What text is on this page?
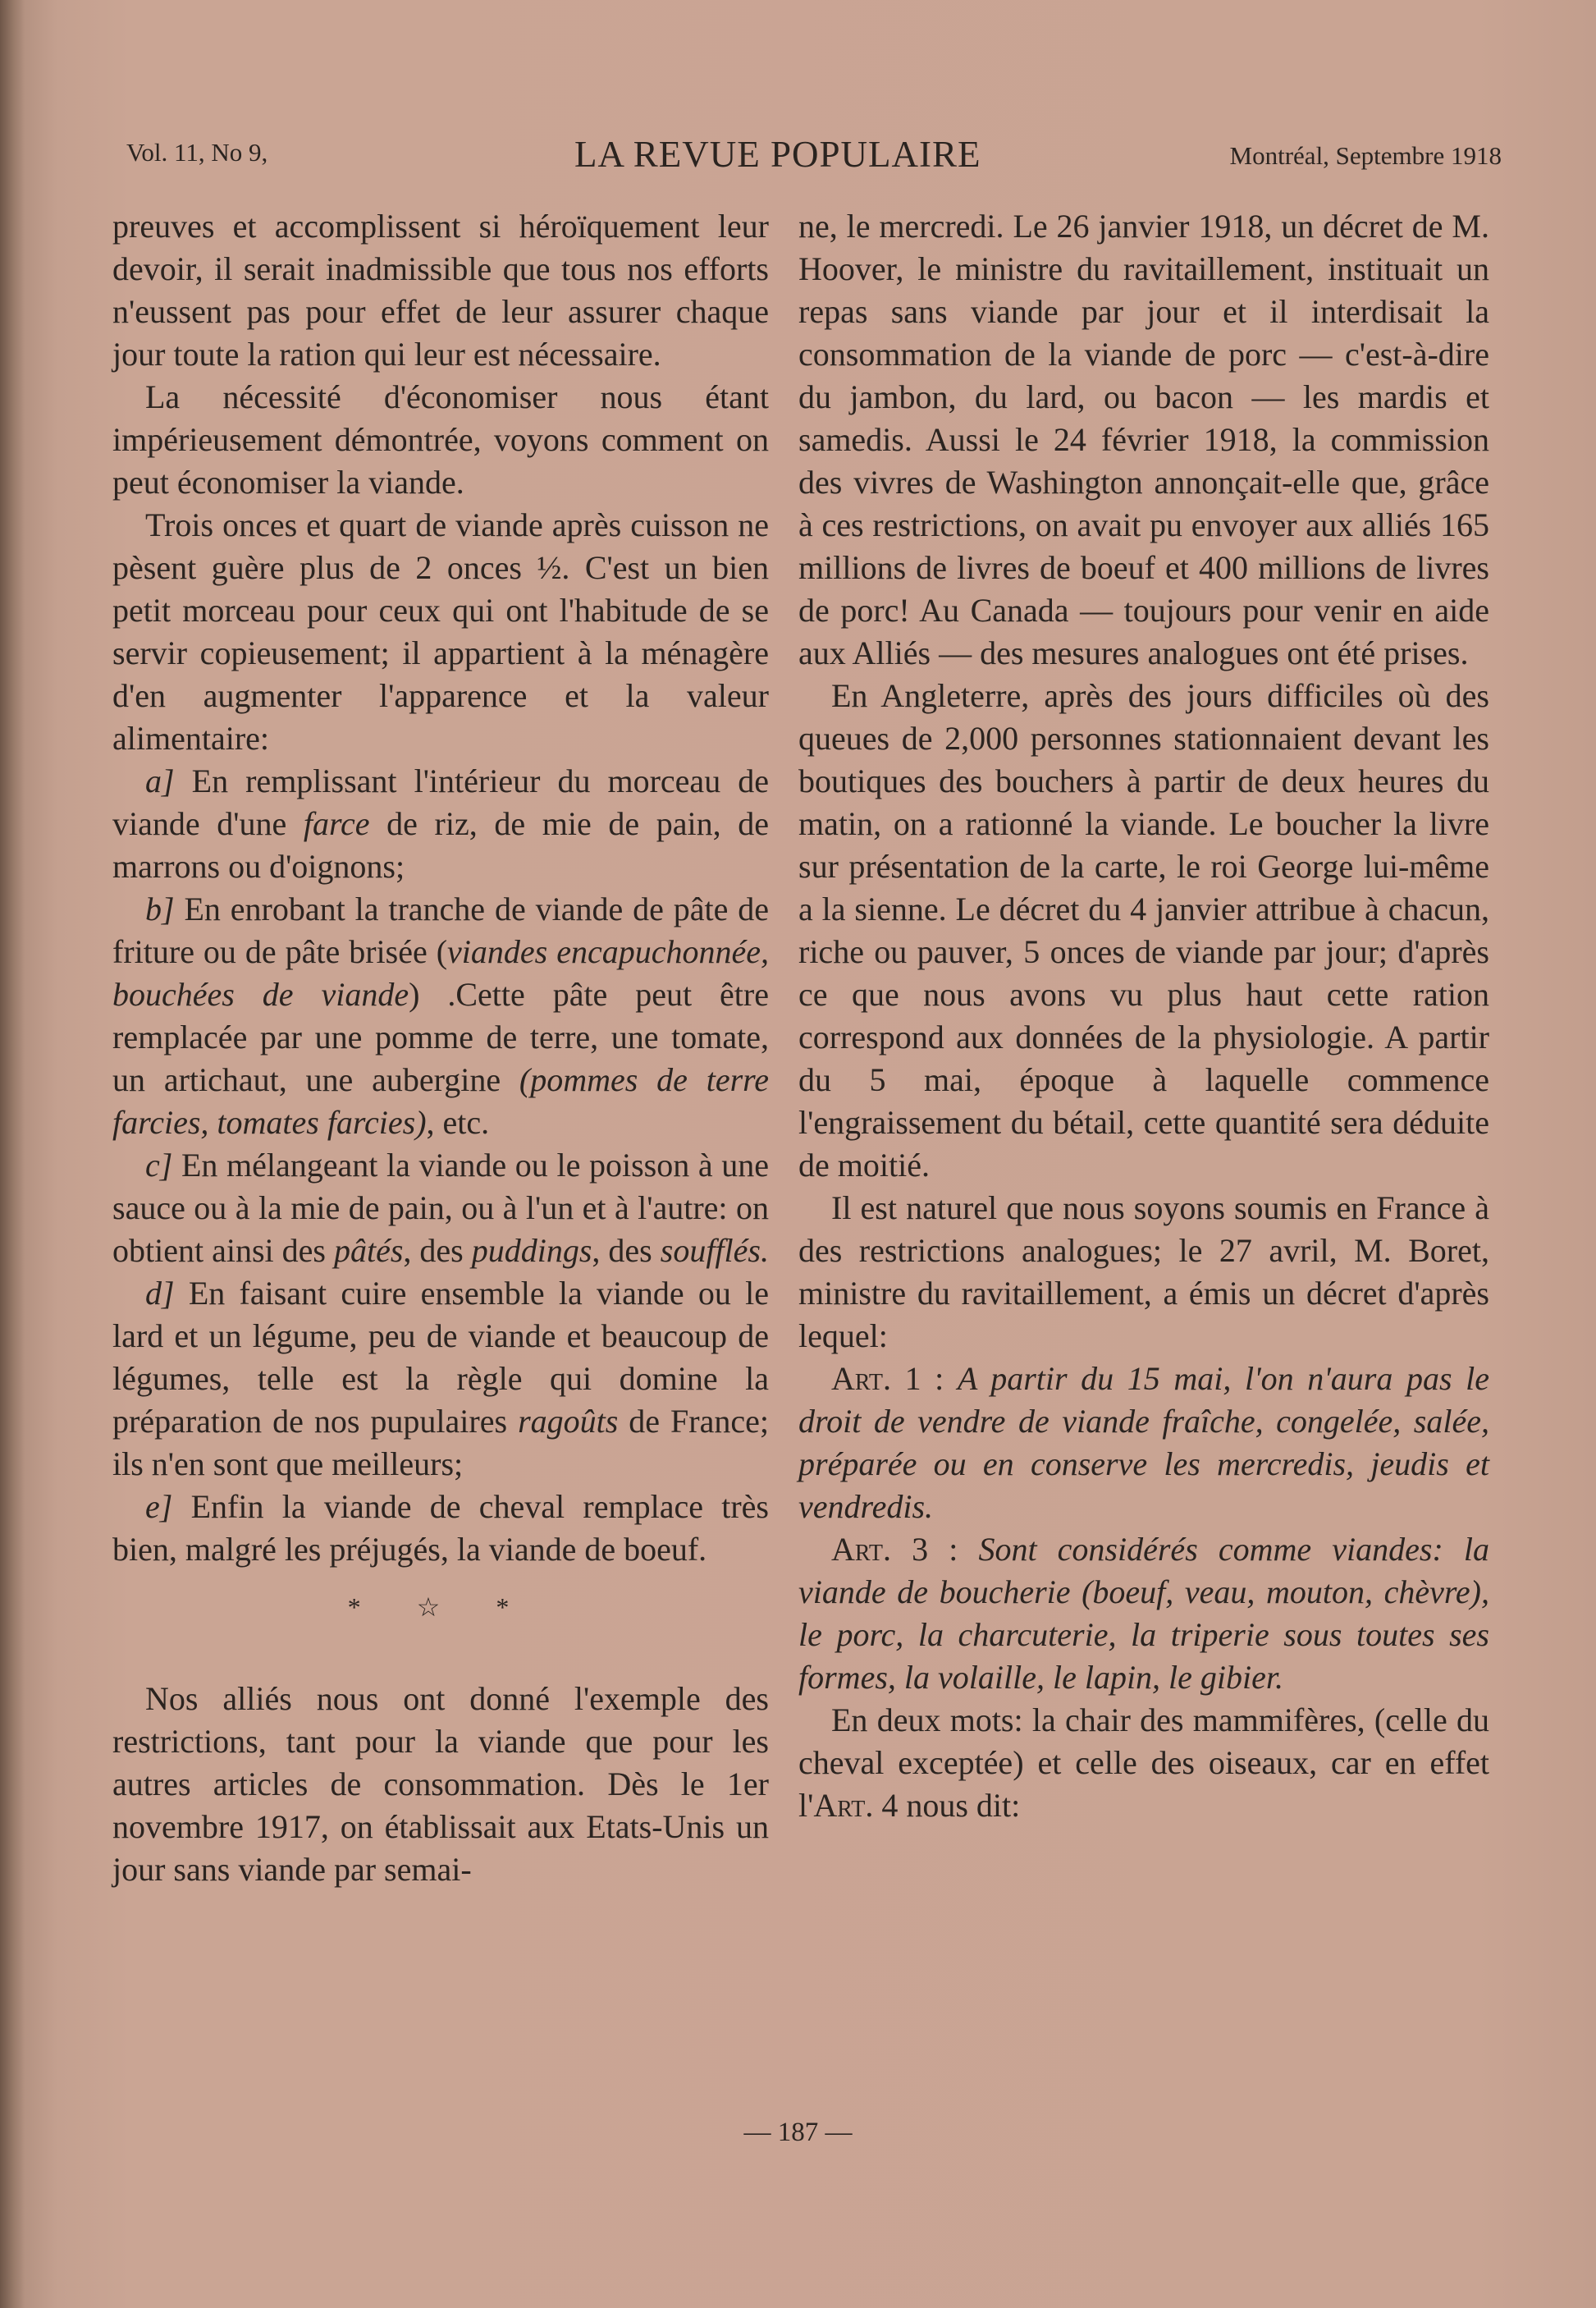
Vol. 11, No 9,	LA REVUE POPULAIRE	Montréal, Septembre 1918

preuves et accomplissent si héroïquement leur devoir, il serait inadmissible que tous nos efforts n'eussent pas pour effet de leur assurer chaque jour toute la ration qui leur est nécessaire.

La nécessité d'économiser nous étant impérieusement démontrée, voyons comment on peut économiser la viande.

Trois onces et quart de viande après cuisson ne pèsent guère plus de 2 onces ½. C'est un bien petit morceau pour ceux qui ont l'habitude de se servir copieusement; il appartient à la ménagère d'en augmenter l'apparence et la valeur alimentaire:

a] En remplissant l'intérieur du morceau de viande d'une farce de riz, de mie de pain, de marrons ou d'oignons;

b] En enrobant la tranche de viande de pâte de friture ou de pâte brisée (viandes encapuchonnée, bouchées de viande) .Cette pâte peut être remplacée par une pomme de terre, une tomate, un artichaut, une aubergine (pommes de terre farcies, tomates farcies), etc.

c] En mélangeant la viande ou le poisson à une sauce ou à la mie de pain, ou à l'un et à l'autre: on obtient ainsi des pâtés, des puddings, des soufflés.

d] En faisant cuire ensemble la viande ou le lard et un légume, peu de viande et beaucoup de légumes, telle est la règle qui domine la préparation de nos pupulaires ragoûts de France; ils n'en sont que meilleurs;

e] Enfin la viande de cheval remplace très bien, malgré les préjugés, la viande de boeuf.

* ☆ *

Nos alliés nous ont donné l'exemple des restrictions, tant pour la viande que pour les autres articles de consommation. Dès le 1er novembre 1917, on établissait aux Etats-Unis un jour sans viande par semai-

ne, le mercredi. Le 26 janvier 1918, un décret de M. Hoover, le ministre du ravitaillement, instituait un repas sans viande par jour et il interdisait la consommation de la viande de porc — c'est-à-dire du jambon, du lard, ou bacon — les mardis et samedis. Aussi le 24 février 1918, la commission des vivres de Washington annonçait-elle que, grâce à ces restrictions, on avait pu envoyer aux alliés 165 millions de livres de boeuf et 400 millions de livres de porc! Au Canada — toujours pour venir en aide aux Alliés — des mesures analogues ont été prises.

En Angleterre, après des jours difficiles où des queues de 2,000 personnes stationnaient devant les boutiques des bouchers à partir de deux heures du matin, on a rationné la viande. Le boucher la livre sur présentation de la carte, le roi George lui-même a la sienne. Le décret du 4 janvier attribue à chacun, riche ou pauver, 5 onces de viande par jour; d'après ce que nous avons vu plus haut cette ration correspond aux données de la physiologie. A partir du 5 mai, époque à laquelle commence l'engraissement du bétail, cette quantité sera déduite de moitié.

Il est naturel que nous soyons soumis en France à des restrictions analogues; le 27 avril, M. Boret, ministre du ravitaillement, a émis un décret d'après lequel:

Art. 1 : A partir du 15 mai, l'on n'aura pas le droit de vendre de viande fraîche, congelée, salée, préparée ou en conserve les mercredis, jeudis et vendredis.

Art. 3 : Sont considérés comme viandes: la viande de boucherie (boeuf, veau, mouton, chèvre), le porc, la charcuterie, la triperie sous toutes ses formes, la volaille, le lapin, le gibier.

En deux mots: la chair des mammifères, (celle du cheval exceptée) et celle des oiseaux, car en effet l'Art. 4 nous dit:

— 187 —
